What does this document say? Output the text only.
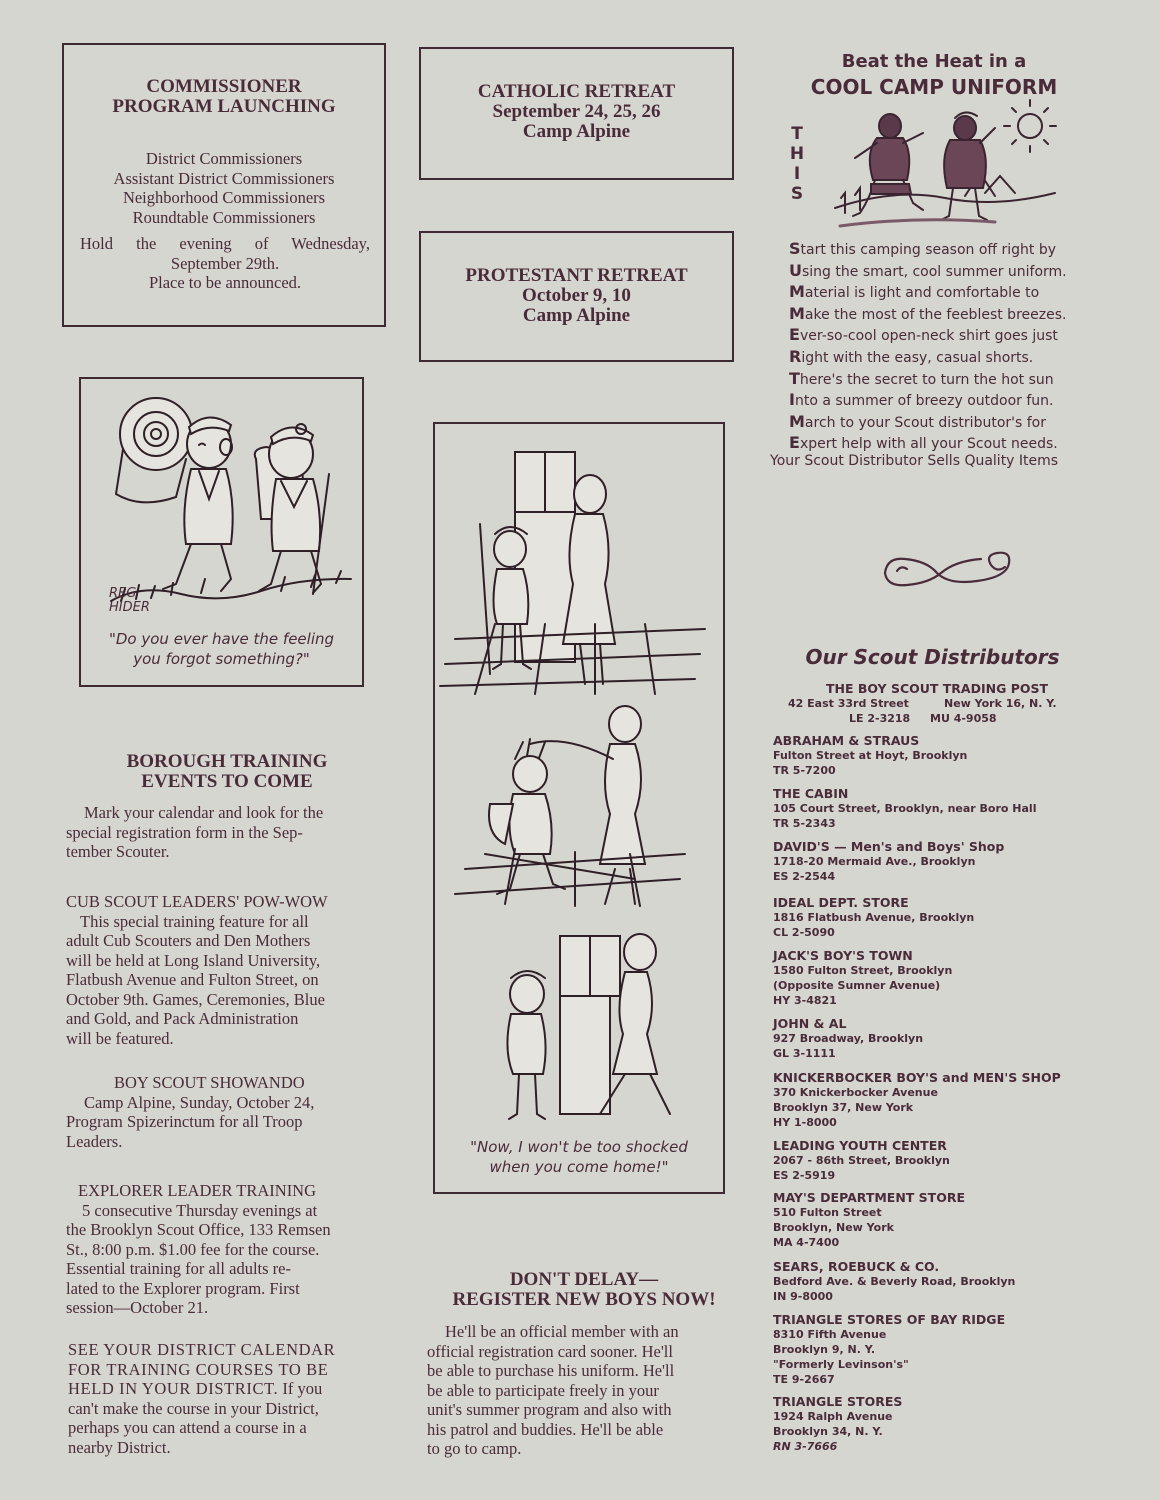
COMMISSIONER
PROGRAM LAUNCHING
District Commissioners
Assistant District Commissioners
Neighborhood Commissioners
Roundtable Commissioners
Hold the evening of Wednesday,
September 29th.
Place to be announced.
REG
HIDER
"Do you ever have the feeling
you forgot something?"
BOROUGH TRAINING
EVENTS TO COME
Mark your calendar and look for the
special registration form in the Sep-
tember Scouter.
CUB SCOUT LEADERS' POW-WOW
This special training feature for all
adult Cub Scouters and Den Mothers
will be held at Long Island University,
Flatbush Avenue and Fulton Street, on
October 9th. Games, Ceremonies, Blue
and Gold, and Pack Administration
will be featured.
BOY SCOUT SHOWANDO
Camp Alpine, Sunday, October 24,
Program Spizerinctum for all Troop
Leaders.
EXPLORER LEADER TRAINING
5 consecutive Thursday evenings at
the Brooklyn Scout Office, 133 Remsen
St., 8:00 p.m. $1.00 fee for the course.
Essential training for all adults re-
lated to the Explorer program. First
session—October 21.
SEE YOUR DISTRICT CALENDAR
FOR TRAINING COURSES TO BE
HELD IN YOUR DISTRICT. If you
can't make the course in your District,
perhaps you can attend a course in a
nearby District.
CATHOLIC RETREAT
September 24, 25, 26
Camp Alpine
PROTESTANT RETREAT
October 9, 10
Camp Alpine
"Now, I won't be too shocked
when you come home!"
DON'T DELAY—
REGISTER NEW BOYS NOW!
He'll be an official member with an
official registration card sooner. He'll
be able to purchase his uniform. He'll
be able to participate freely in your
unit's summer program and also with
his patrol and buddies. He'll be able
to go to camp.
Beat the Heat in a
COOL CAMP UNIFORM
T
H
I
S
Start this camping season off right by
Using the smart, cool summer uniform.
Material is light and comfortable to
Make the most of the feeblest breezes.
Ever-so-cool open-neck shirt goes just
Right with the easy, casual shorts.
There's the secret to turn the hot sun
Into a summer of breezy outdoor fun.
March to your Scout distributor's for
Expert help with all your Scout needs.
Your Scout Distributor Sells Quality Items
Our Scout Distributors
THE BOY SCOUT TRADING POST
42 East 33rd Street	New York 16, N. Y.
LE 2-3218 MU 4-9058
ABRAHAM & STRAUS
Fulton Street at Hoyt, Brooklyn
TR 5-7200
THE CABIN
105 Court Street, Brooklyn, near Boro Hall
TR 5-2343
DAVID'S — Men's and Boys' Shop
1718-20 Mermaid Ave., Brooklyn
ES 2-2544
IDEAL DEPT. STORE
1816 Flatbush Avenue, Brooklyn
CL 2-5090
JACK'S BOY'S TOWN
1580 Fulton Street, Brooklyn
(Opposite Sumner Avenue)
HY 3-4821
JOHN & AL
927 Broadway, Brooklyn
GL 3-1111
KNICKERBOCKER BOY'S and MEN'S SHOP
370 Knickerbocker Avenue
Brooklyn 37, New York
HY 1-8000
LEADING YOUTH CENTER
2067 - 86th Street, Brooklyn
ES 2-5919
MAY'S DEPARTMENT STORE
510 Fulton Street
Brooklyn, New York
MA 4-7400
SEARS, ROEBUCK & CO.
Bedford Ave. & Beverly Road, Brooklyn
IN 9-8000
TRIANGLE STORES OF BAY RIDGE
8310 Fifth Avenue
Brooklyn 9, N. Y.
"Formerly Levinson's"
TE 9-2667
TRIANGLE STORES
1924 Ralph Avenue
Brooklyn 34, N. Y.
RN 3-7666
